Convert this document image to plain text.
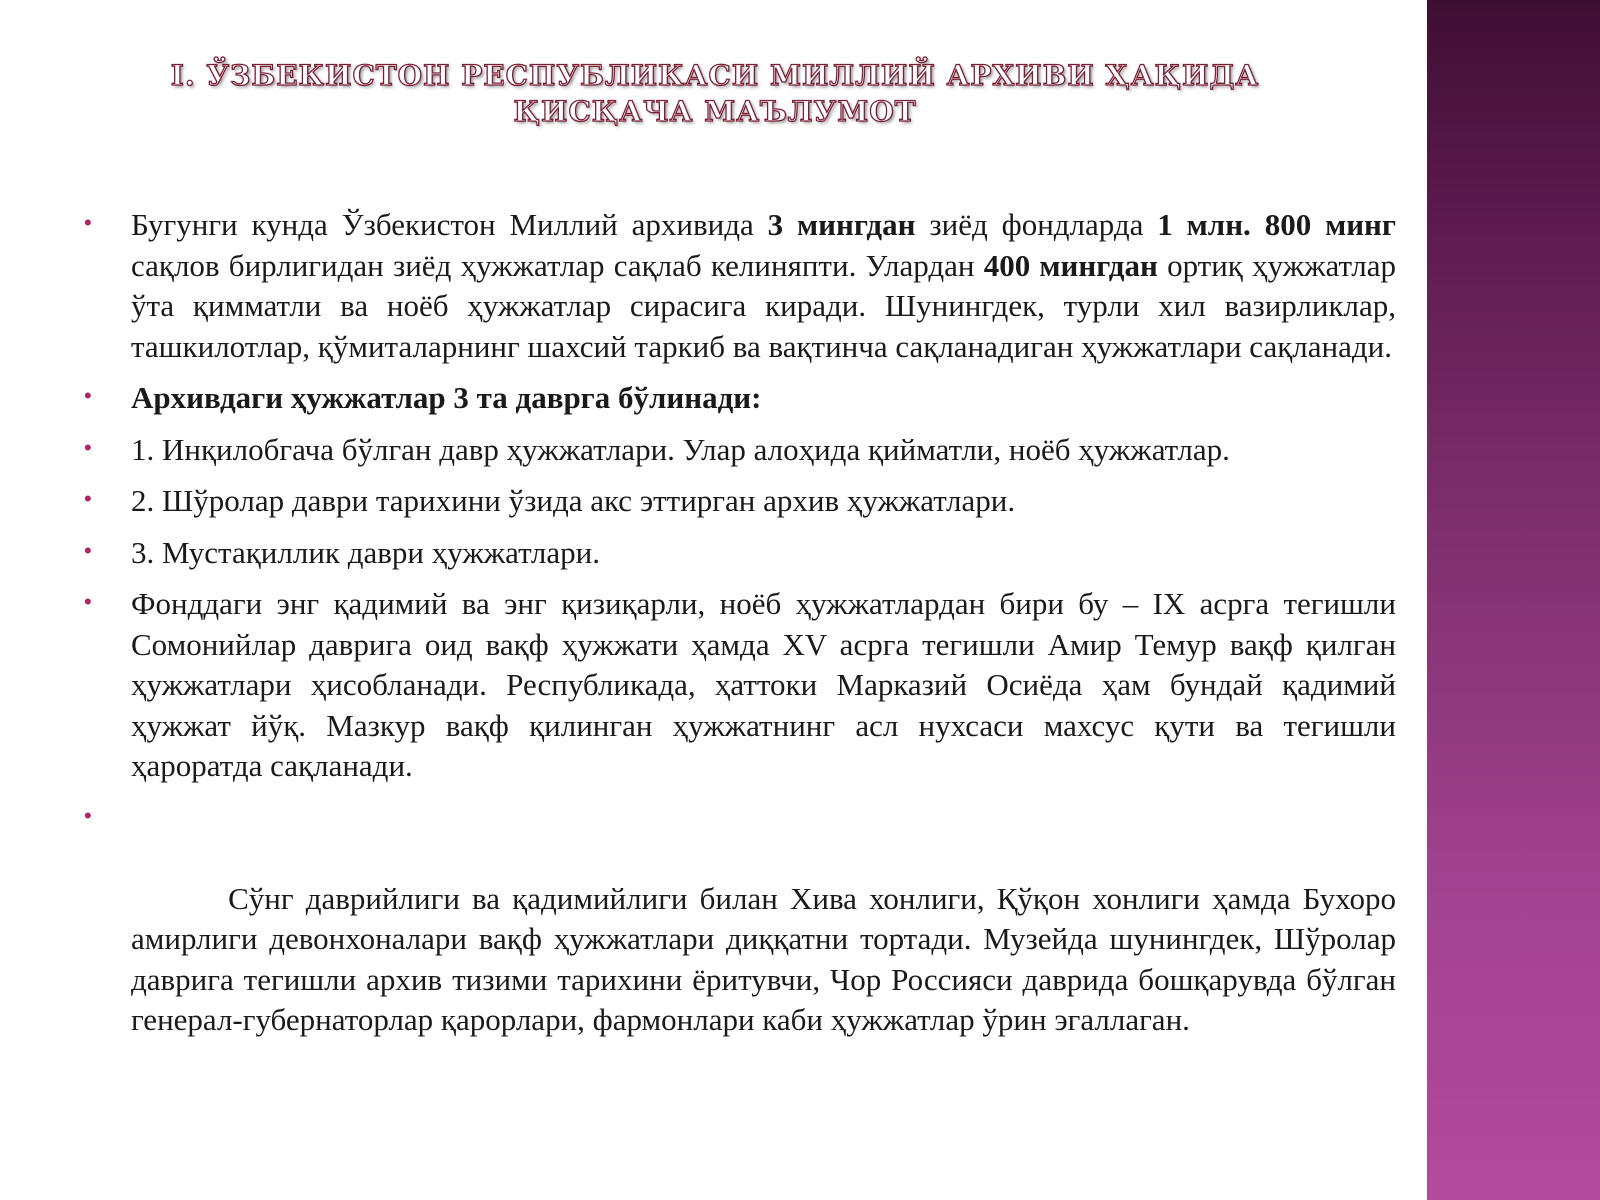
I. ЎЗБЕКИСТОН РЕСПУБЛИКАСИ МИЛЛИЙ АРХИВИ ҲАҚИДА ҚИСҚАЧА МАЪЛУМОТ
• Бугунги кунда Ўзбекистон Миллий архивида 3 мингдан зиёд фондларда 1 млн. 800 минг сақлов бирлигидан зиёд ҳужжатлар сақлаб келиняпти. Улардан 400 мингдан ортиқ ҳужжатлар ўта қимматли ва ноёб ҳужжатлар сирасига киради. Шунингдек, турли хил вазирликлар, ташкилотлар, қўмиталарнинг шахсий таркиб ва вақтинча сақланадиган ҳужжатлари сақланади.
• Архивдаги ҳужжатлар 3 та даврга бўлинади:
• 1. Инқилобгача бўлган давр ҳужжатлари. Улар алоҳида қийматли, ноёб ҳужжатлар.
• 2. Шўролар даври тарихини ўзида акс эттирган архив ҳужжатлари.
• 3. Мустақиллик даври ҳужжатлари.
• Фонддаги энг қадимий ва энг қизиқарли, ноёб ҳужжатлардан бири бу – IX асрга тегишли Сомонийлар даврига оид вақф ҳужжати ҳамда XV асрга тегишли Амир Темур вақф қилган ҳужжатлари ҳисобланади. Республикада, ҳаттоки Марказий Осиёда ҳам бундай қадимий ҳужжат йўқ. Мазкур вақф қилинган ҳужжатнинг асл нухсаси махсус қути ва тегишли ҳароратда сақланади.

•

Сўнг даврийлиги ва қадимийлиги билан Хива хонлиги, Қўқон хонлиги ҳамда Бухоро амирлиги девонхоналари вақф ҳужжатлари диққатни тортади. Музейда шунингдек, Шўролар даврига тегишли архив тизими тарихини ёритувчи, Чор Россияси даврида бошқарувда бўлган генерал-губернаторлар қарорлари, фармонлари каби ҳужжатлар ўрин эгаллаган.
